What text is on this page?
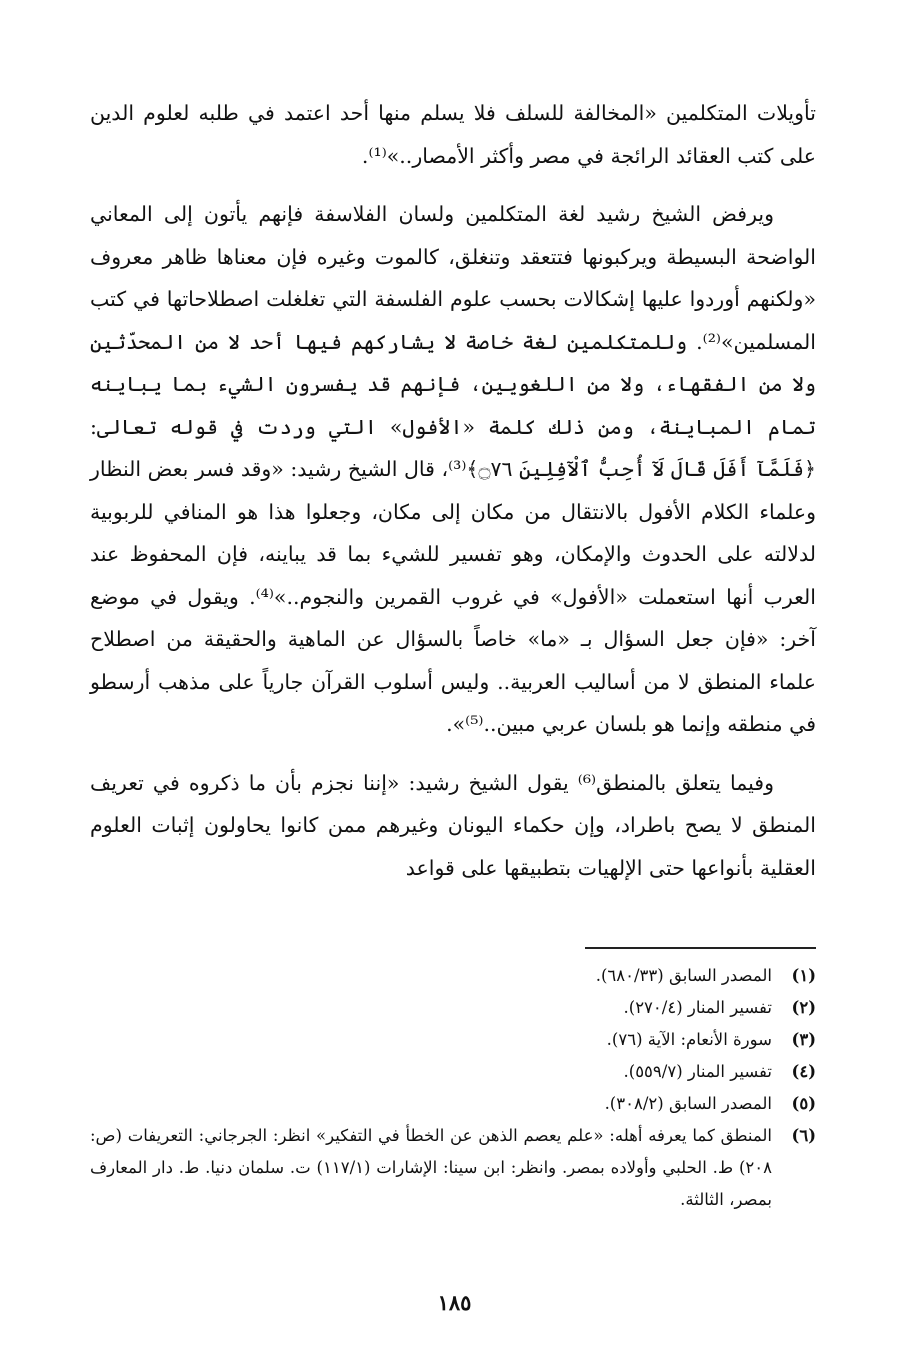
تأويلات المتكلمين «المخالفة للسلف فلا يسلم منها أحد اعتمد في طلبه لعلوم الدين على كتب العقائد الرائجة في مصر وأكثر الأمصار..»⁽¹⁾.

ويرفض الشيخ رشيد لغة المتكلمين ولسان الفلاسفة فإنهم يأتون إلى المعاني الواضحة البسيطة ويركبونها فتتعقد وتنغلق، كالموت وغيره فإن معناها ظاهر معروف «ولكنهم أوردوا عليها إشكالات بحسب علوم الفلسفة التي تغلغلت اصطلاحاتها في كتب المسلمين»⁽²⁾. وللمتكلمين لغة خاصة لا يشاركهم فيها أحد لا من المحدّثين ولا من الفقهاء، ولا من اللغويين، فإنهم قد يفسرون الشيء بما يباينه تمام المباينة، ومن ذلك كلمة «الأفول» التي وردت في قوله تعالى: ﴿فَلَمَّآ أَفَلَ قَالَ لَآ أُحِبُّ ٱلْآفِلِينَ ۝٧٦﴾⁽³⁾، قال الشيخ رشيد: «وقد فسر بعض النظار وعلماء الكلام الأفول بالانتقال من مكان إلى مكان، وجعلوا هذا هو المنافي للربوبية لدلالته على الحدوث والإمكان، وهو تفسير للشيء بما قد يباينه، فإن المحفوظ عند العرب أنها استعملت «الأفول» في غروب القمرين والنجوم..»⁽⁴⁾. ويقول في موضع آخر: «فإن جعل السؤال بـ «ما» خاصاً بالسؤال عن الماهية والحقيقة من اصطلاح علماء المنطق لا من أساليب العربية.. وليس أسلوب القرآن جارياً على مذهب أرسطو في منطقه وإنما هو بلسان عربي مبين..⁽⁵⁾».

وفيما يتعلق بالمنطق⁽⁶⁾ يقول الشيخ رشيد: «إننا نجزم بأن ما ذكروه في تعريف المنطق لا يصح باطراد، وإن حكماء اليونان وغيرهم ممن كانوا يحاولون إثبات العلوم العقلية بأنواعها حتى الإلهيات بتطبيقها على قواعد

(١)
المصدر السابق (٦٨٠/٣٣).
(٢)
تفسير المنار (٢٧٠/٤).
(٣)
سورة الأنعام: الآية (٧٦).
(٤)
تفسير المنار (٥٥٩/٧).
(٥)
المصدر السابق (٣٠٨/٢).
(٦)
المنطق كما يعرفه أهله: «علم يعصم الذهن عن الخطأ في التفكير» انظر: الجرجاني: التعريفات (ص: ٢٠٨) ط. الحلبي وأولاده بمصر. وانظر: ابن سينا: الإشارات (١١٧/١) ت. سلمان دنيا. ط. دار المعارف بمصر، الثالثة.
١٨٥
